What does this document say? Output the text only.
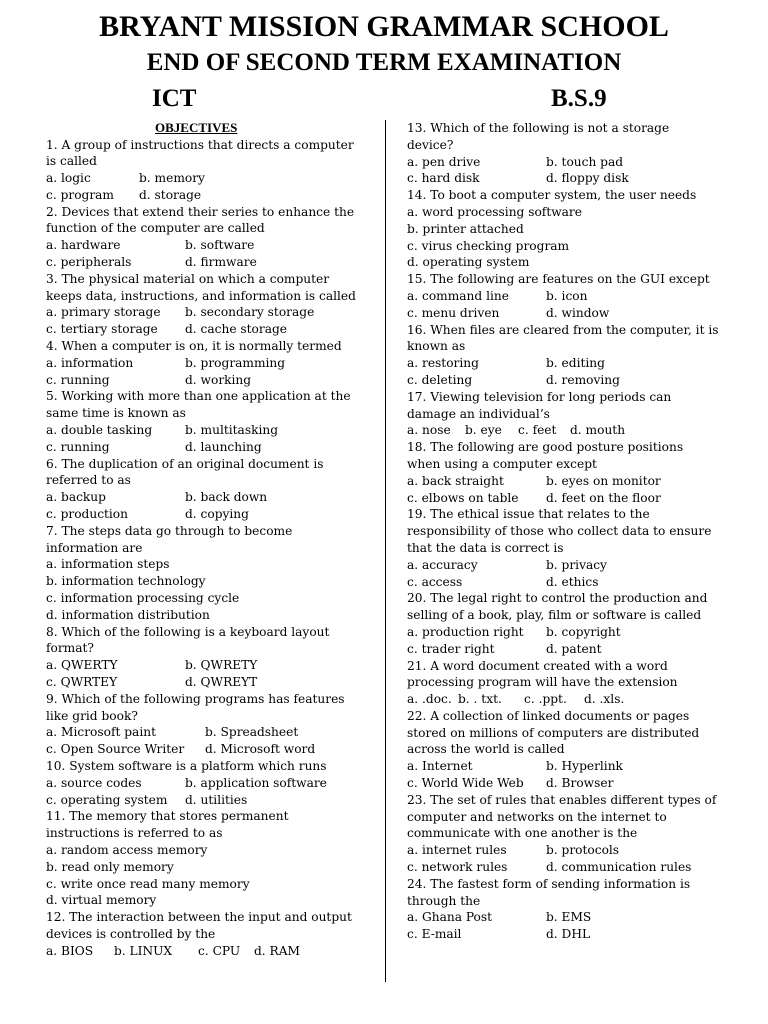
BRYANT MISSION GRAMMAR SCHOOL
END OF SECOND TERM EXAMINATION
ICT	B.S.9
OBJECTIVES
1. A group of instructions that directs a computer
is called
a. logic	b. memory
c. program d. storage
2. Devices that extend their series to enhance the
function of the computer are called
a. hardware	b. software
c. peripherals	d. firmware
3. The physical material on which a computer
keeps data, instructions, and information is called
a. primary storage b. secondary storage
c. tertiary storage d. cache storage
4. When a computer is on, it is normally termed
a. information	b. programming
c. running	d. working
5. Working with more than one application at the
same time is known as
a. double tasking	b. multitasking
c. running	d. launching
6. The duplication of an original document is
referred to as
a. backup	b. back down
c. production	d. copying
7. The steps data go through to become
information are
a. information steps
b. information technology
c. information processing cycle
d. information distribution
8. Which of the following is a keyboard layout
format?
a. QWERTY	b. QWRETY
c. QWRTEY	d. QWREYT
9. Which of the following programs has features
like grid book?
a. Microsoft paint	b. Spreadsheet
c. Open Source Writer d. Microsoft word
10. System software is a platform which runs
a. source codes	b. application software
c. operating system d. utilities
11. The memory that stores permanent
instructions is referred to as
a. random access memory
b. read only memory
c. write once read many memory
d. virtual memory
12. The interaction between the input and output
devices is controlled by the
a. BIOS b. LINUX c. CPU d. RAM
13. Which of the following is not a storage
device?
a. pen drive	b. touch pad
c. hard disk	d. floppy disk
14. To boot a computer system, the user needs
a. word processing software
b. printer attached
c. virus checking program
d. operating system
15. The following are features on the GUI except
a. command line	b. icon
c. menu driven	d. window
16. When files are cleared from the computer, it is
known as
a. restoring	b. editing
c. deleting	d. removing
17. Viewing television for long periods can
damage an individual’s
a. nose b. eye c. feet d. mouth
18. The following are good posture positions
when using a computer except
a. back straight	b. eyes on monitor
c. elbows on table d. feet on the floor
19. The ethical issue that relates to the
responsibility of those who collect data to ensure
that the data is correct is
a. accuracy	b. privacy
c. access	d. ethics
20. The legal right to control the production and
selling of a book, play, film or software is called
a. production right b. copyright
c. trader right	d. patent
21. A word document created with a word
processing program will have the extension
a. .doc. b. . txt. c. .ppt. d. .xls.
22. A collection of linked documents or pages
stored on millions of computers are distributed
across the world is called
a. Internet	b. Hyperlink
c. World Wide Web d. Browser
23. The set of rules that enables different types of
computer and networks on the internet to
communicate with one another is the
a. internet rules	b. protocols
c. network rules	d. communication rules
24. The fastest form of sending information is
through the
a. Ghana Post	b. EMS
c. E-mail	d. DHL
